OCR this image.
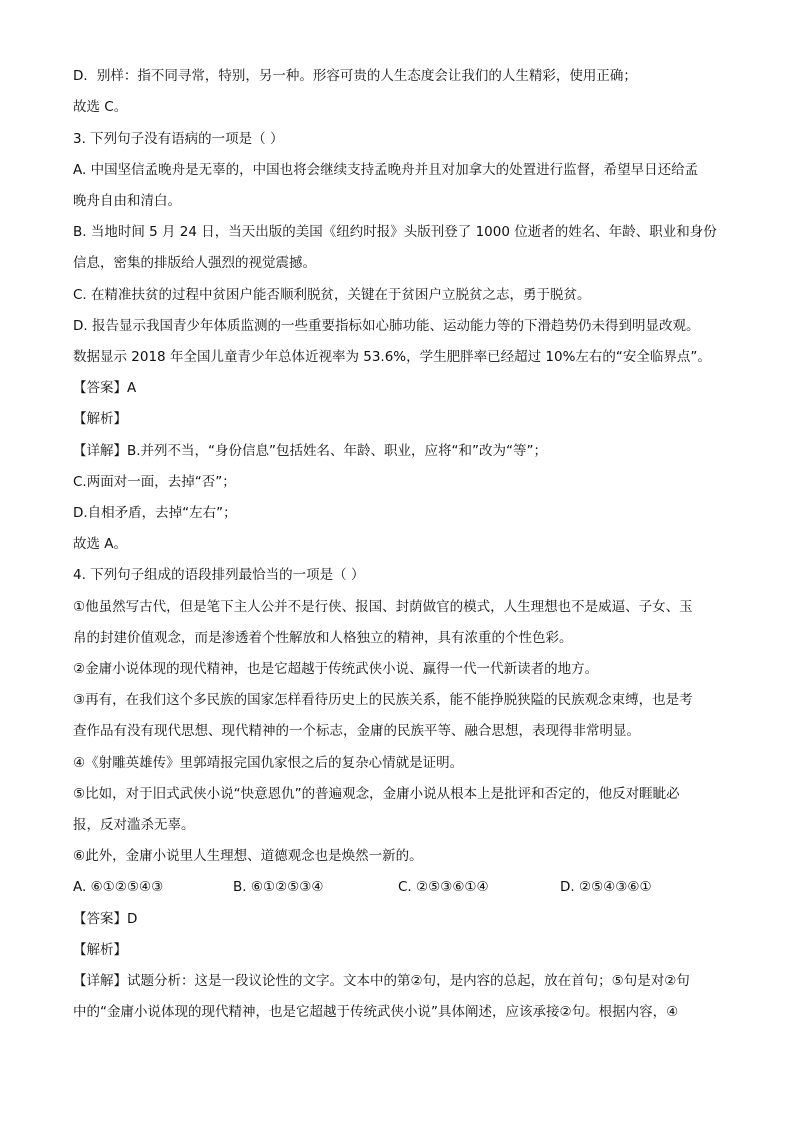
D．别样：指不同寻常，特别，另一种。形容可贵的人生态度会让我们的人生精彩，使用正确；
故选 C。
3. 下列句子没有语病的一项是（ ）
A. 中国坚信孟晚舟是无辜的，中国也将会继续支持孟晚舟并且对加拿大的处置进行监督，希望早日还给孟
晚舟自由和清白。
B. 当地时间 5 月 24 日，当天出版的美国《纽约时报》头版刊登了 1000 位逝者的姓名、年龄、职业和身份
信息，密集的排版给人强烈的视觉震撼。
C. 在精准扶贫的过程中贫困户能否顺利脱贫，关键在于贫困户立脱贫之志，勇于脱贫。
D. 报告显示我国青少年体质监测的一些重要指标如心肺功能、运动能力等的下滑趋势仍未得到明显改观。
数据显示 2018 年全国儿童青少年总体近视率为 53.6%，学生肥胖率已经超过 10%左右的“安全临界点”。
【答案】A
【解析】
【详解】B.并列不当，“身份信息”包括姓名、年龄、职业，应将“和”改为“等”；
C.两面对一面，去掉“否”；
D.自相矛盾，去掉“左右”；
故选 A。
4. 下列句子组成的语段排列最恰当的一项是（ ）
①他虽然写古代，但是笔下主人公并不是行侠、报国、封荫做官的模式，人生理想也不是威逼、子女、玉
帛的封建价值观念，而是渗透着个性解放和人格独立的精神，具有浓重的个性色彩。
②金庸小说体现的现代精神，也是它超越于传统武侠小说、赢得一代一代新读者的地方。
③再有，在我们这个多民族的国家怎样看待历史上的民族关系，能不能挣脱狭隘的民族观念束缚，也是考
查作品有没有现代思想、现代精神的一个标志，金庸的民族平等、融合思想，表现得非常明显。
④《射雕英雄传》里郭靖报完国仇家恨之后的复杂心情就是证明。
⑤比如，对于旧式武侠小说“快意恩仇”的普遍观念，金庸小说从根本上是批评和否定的，他反对睚眦必
报，反对滥杀无辜。
⑥此外，金庸小说里人生理想、道德观念也是焕然一新的。
A. ⑥①②⑤④③	B. ⑥①②⑤③④	C. ②⑤③⑥①④	D. ②⑤④③⑥①
【答案】D
【解析】
【详解】试题分析：这是一段议论性的文字。文本中的第②句，是内容的总起，放在首句；⑤句是对②句
中的“金庸小说体现的现代精神，也是它超越于传统武侠小说”具体阐述，应该承接②句。根据内容，④
